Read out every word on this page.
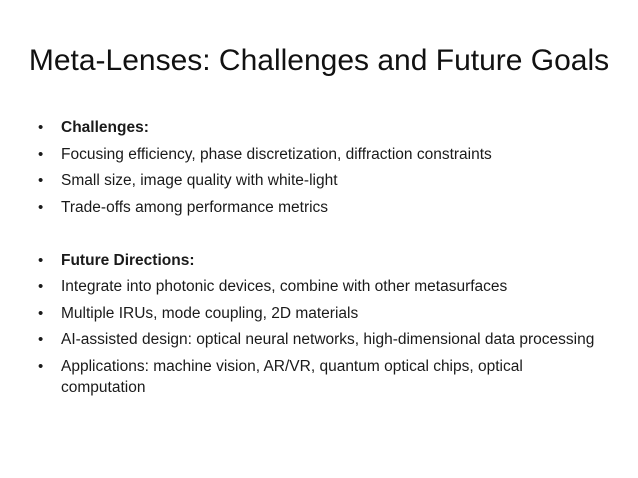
Meta-Lenses: Challenges and Future Goals
• Challenges:
• Focusing efficiency, phase discretization, diffraction constraints
• Small size, image quality with white-light
• Trade-offs among performance metrics
• Future Directions:
• Integrate into photonic devices, combine with other metasurfaces
• Multiple IRUs, mode coupling, 2D materials
• AI-assisted design: optical neural networks, high-dimensional data processing
• Applications: machine vision, AR/VR, quantum optical chips, optical computation
